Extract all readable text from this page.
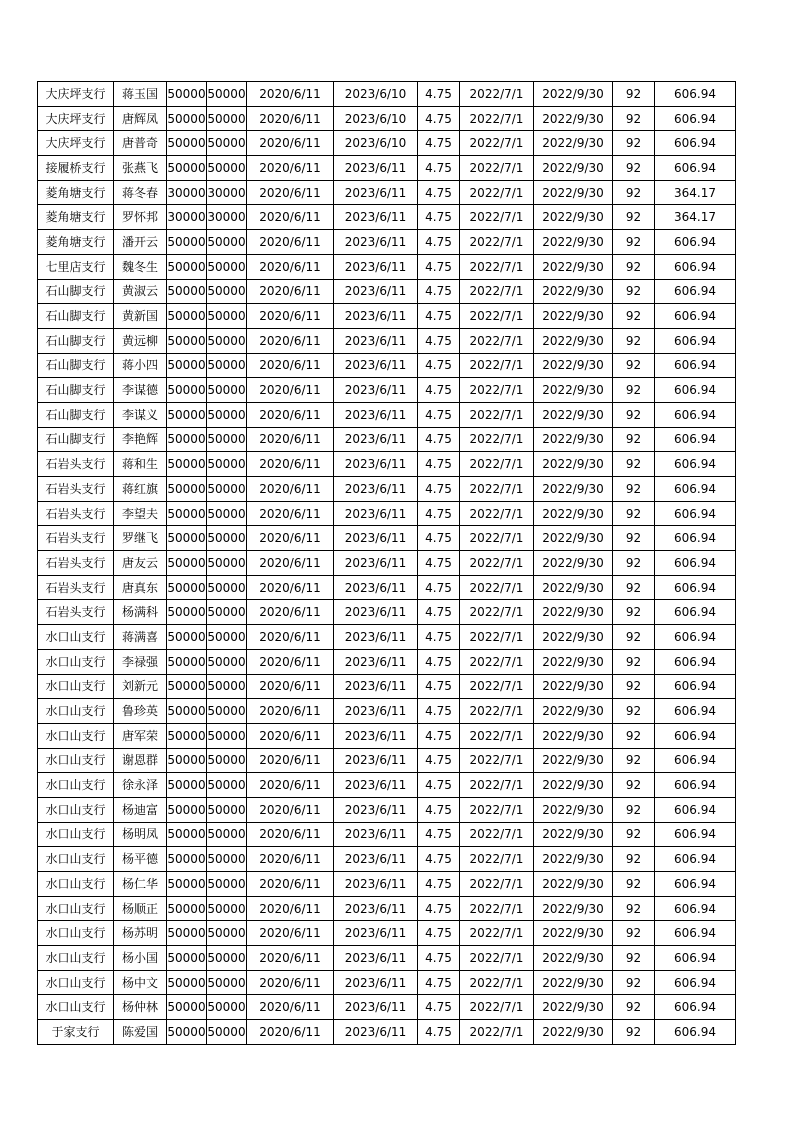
大庆坪支行	蒋玉国	50000	50000	2020/6/11	2023/6/10	4.75	2022/7/1	2022/9/30	92	606.94
大庆坪支行	唐辉凤	50000	50000	2020/6/11	2023/6/10	4.75	2022/7/1	2022/9/30	92	606.94
大庆坪支行	唐普奇	50000	50000	2020/6/11	2023/6/10	4.75	2022/7/1	2022/9/30	92	606.94
接履桥支行	张燕飞	50000	50000	2020/6/11	2023/6/11	4.75	2022/7/1	2022/9/30	92	606.94
菱角塘支行	蒋冬春	30000	30000	2020/6/11	2023/6/11	4.75	2022/7/1	2022/9/30	92	364.17
菱角塘支行	罗怀邦	30000	30000	2020/6/11	2023/6/11	4.75	2022/7/1	2022/9/30	92	364.17
菱角塘支行	潘开云	50000	50000	2020/6/11	2023/6/11	4.75	2022/7/1	2022/9/30	92	606.94
七里店支行	魏冬生	50000	50000	2020/6/11	2023/6/11	4.75	2022/7/1	2022/9/30	92	606.94
石山脚支行	黄淑云	50000	50000	2020/6/11	2023/6/11	4.75	2022/7/1	2022/9/30	92	606.94
石山脚支行	黄新国	50000	50000	2020/6/11	2023/6/11	4.75	2022/7/1	2022/9/30	92	606.94
石山脚支行	黄远柳	50000	50000	2020/6/11	2023/6/11	4.75	2022/7/1	2022/9/30	92	606.94
石山脚支行	蒋小四	50000	50000	2020/6/11	2023/6/11	4.75	2022/7/1	2022/9/30	92	606.94
石山脚支行	李谋德	50000	50000	2020/6/11	2023/6/11	4.75	2022/7/1	2022/9/30	92	606.94
石山脚支行	李谋义	50000	50000	2020/6/11	2023/6/11	4.75	2022/7/1	2022/9/30	92	606.94
石山脚支行	李艳辉	50000	50000	2020/6/11	2023/6/11	4.75	2022/7/1	2022/9/30	92	606.94
石岩头支行	蒋和生	50000	50000	2020/6/11	2023/6/11	4.75	2022/7/1	2022/9/30	92	606.94
石岩头支行	蒋红旗	50000	50000	2020/6/11	2023/6/11	4.75	2022/7/1	2022/9/30	92	606.94
石岩头支行	李望夫	50000	50000	2020/6/11	2023/6/11	4.75	2022/7/1	2022/9/30	92	606.94
石岩头支行	罗继飞	50000	50000	2020/6/11	2023/6/11	4.75	2022/7/1	2022/9/30	92	606.94
石岩头支行	唐友云	50000	50000	2020/6/11	2023/6/11	4.75	2022/7/1	2022/9/30	92	606.94
石岩头支行	唐真东	50000	50000	2020/6/11	2023/6/11	4.75	2022/7/1	2022/9/30	92	606.94
石岩头支行	杨满科	50000	50000	2020/6/11	2023/6/11	4.75	2022/7/1	2022/9/30	92	606.94
水口山支行	蒋满喜	50000	50000	2020/6/11	2023/6/11	4.75	2022/7/1	2022/9/30	92	606.94
水口山支行	李禄强	50000	50000	2020/6/11	2023/6/11	4.75	2022/7/1	2022/9/30	92	606.94
水口山支行	刘新元	50000	50000	2020/6/11	2023/6/11	4.75	2022/7/1	2022/9/30	92	606.94
水口山支行	鲁珍英	50000	50000	2020/6/11	2023/6/11	4.75	2022/7/1	2022/9/30	92	606.94
水口山支行	唐军荣	50000	50000	2020/6/11	2023/6/11	4.75	2022/7/1	2022/9/30	92	606.94
水口山支行	谢恩群	50000	50000	2020/6/11	2023/6/11	4.75	2022/7/1	2022/9/30	92	606.94
水口山支行	徐永泽	50000	50000	2020/6/11	2023/6/11	4.75	2022/7/1	2022/9/30	92	606.94
水口山支行	杨迪富	50000	50000	2020/6/11	2023/6/11	4.75	2022/7/1	2022/9/30	92	606.94
水口山支行	杨明凤	50000	50000	2020/6/11	2023/6/11	4.75	2022/7/1	2022/9/30	92	606.94
水口山支行	杨平德	50000	50000	2020/6/11	2023/6/11	4.75	2022/7/1	2022/9/30	92	606.94
水口山支行	杨仁华	50000	50000	2020/6/11	2023/6/11	4.75	2022/7/1	2022/9/30	92	606.94
水口山支行	杨顺正	50000	50000	2020/6/11	2023/6/11	4.75	2022/7/1	2022/9/30	92	606.94
水口山支行	杨苏明	50000	50000	2020/6/11	2023/6/11	4.75	2022/7/1	2022/9/30	92	606.94
水口山支行	杨小国	50000	50000	2020/6/11	2023/6/11	4.75	2022/7/1	2022/9/30	92	606.94
水口山支行	杨中文	50000	50000	2020/6/11	2023/6/11	4.75	2022/7/1	2022/9/30	92	606.94
水口山支行	杨仲林	50000	50000	2020/6/11	2023/6/11	4.75	2022/7/1	2022/9/30	92	606.94
于家支行	陈爱国	50000	50000	2020/6/11	2023/6/11	4.75	2022/7/1	2022/9/30	92	606.94
